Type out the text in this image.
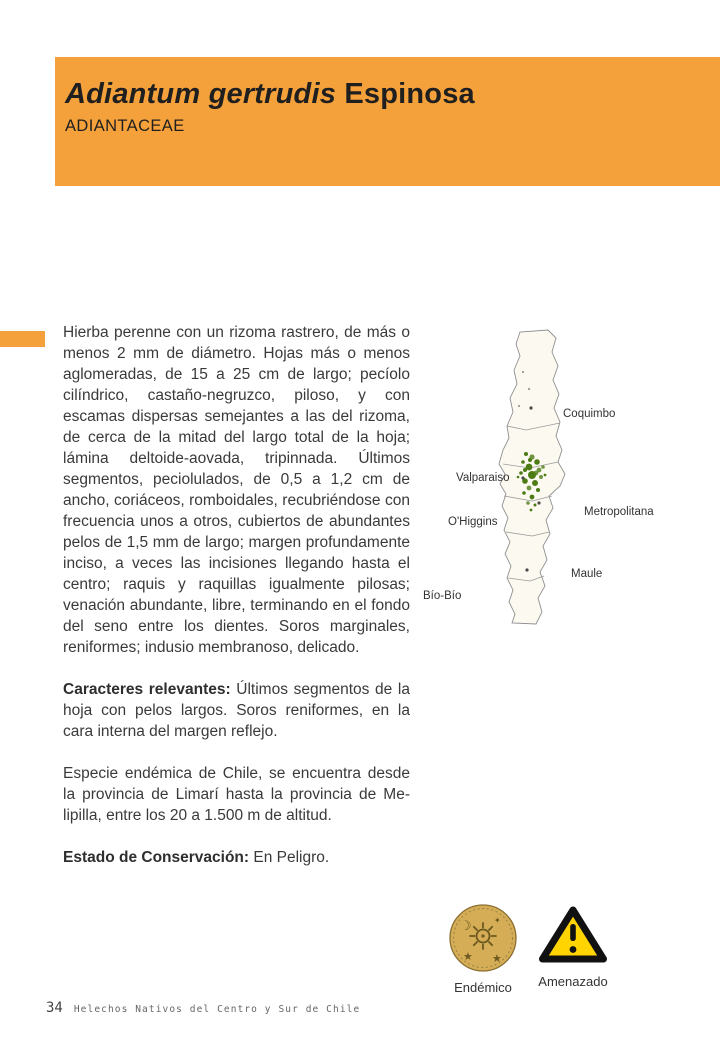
Adiantum gertrudis Espinosa
ADIANTACEAE

Hierba perenne con un rizoma rastrero, de más o menos 2 mm de diámetro. Hojas más o menos aglomeradas, de 15 a 25 cm de largo; pecíolo cilíndrico, castaño-negruzco, piloso, y con escamas dispersas semejantes a las del rizoma, de cerca de la mitad del largo total de la hoja; lámina deltoide-aovada, tripinnada. Últimos segmentos, peciolulados, de 0,5 a 1,2 cm de ancho, coriáceos, romboidales, recubriéndose con frecuencia unos a otros, cubiertos de abundantes pelos de 1,5 mm de largo; margen profundamente inciso, a veces las incisiones llegando hasta el centro; raquis y raquillas igualmente pilosas; venación abundante, libre, terminando en el fondo del seno entre los dientes. Soros marginales, reniformes; indusio membranoso, delicado.

Caracteres relevantes: Últimos segmentos de la hoja con pelos largos. Soros reniformes, en la cara interna del margen reflejo.

Especie endémica de Chile, se encuentra desde la provincia de Limarí hasta la provincia de Melipilla, entre los 20 a 1.500 m de altitud.

Estado de Conservación: En Peligro.

Coquimbo
Valparaiso
Metropolitana
O'Higgins
Maule
Bío-Bío
☽
★ ★
✦
Endémico	Amenazado
34 Helechos Nativos del Centro y Sur de Chile
